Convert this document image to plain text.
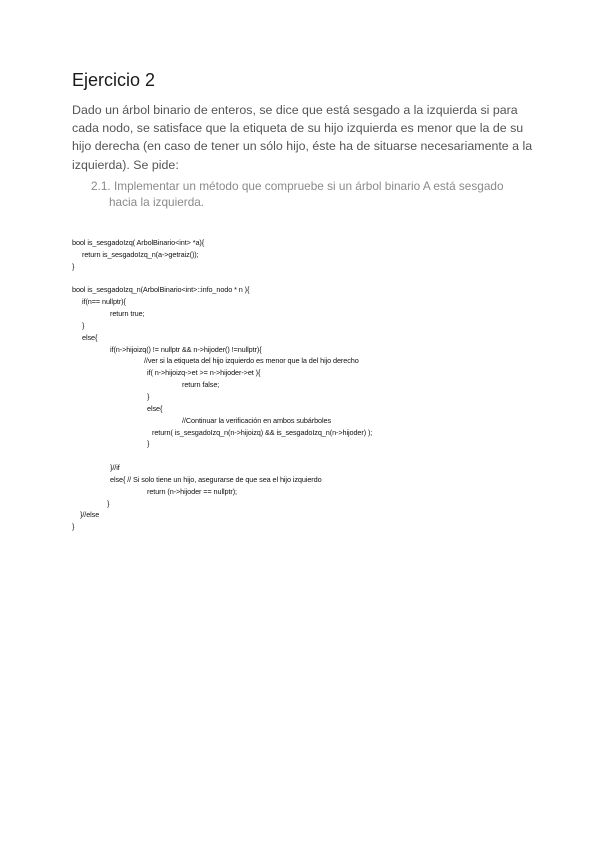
Ejercicio 2
Dado un árbol binario de enteros, se dice que está sesgado a la izquierda si para
cada nodo, se satisface que la etiqueta de su hijo izquierda es menor que la de su
hijo derecha (en caso de tener un sólo hijo, éste ha de situarse necesariamente a la
izquierda). Se pide:
2.1. Implementar un método que compruebe si un árbol binario A está sesgado
hacia la izquierda.
bool is_sesgadoIzq( ArbolBinario<int> *a){
return is_sesgadoIzq_n(a->getraiz());
}
bool is_sesgadoIzq_n(ArbolBinario<int>::info_nodo * n ){
if(n== nullptr){
return true;
}
else{
if(n->hijoizq() != nullptr && n->hijoder() !=nullptr){
//ver si la etiqueta del hijo izquierdo es menor que la del hijo derecho
if( n->hijoizq->et >= n->hijoder->et ){
return false;
}
else{
//Continuar la verificación en ambos subárboles
return( is_sesgadoIzq_n(n->hijoizq) && is_sesgadoIzq_n(n->hijoder) );
}
}//if
else{ // Si solo tiene un hijo, asegurarse de que sea el hijo izquierdo
return (n->hijoder == nullptr);
}
}//else
}
